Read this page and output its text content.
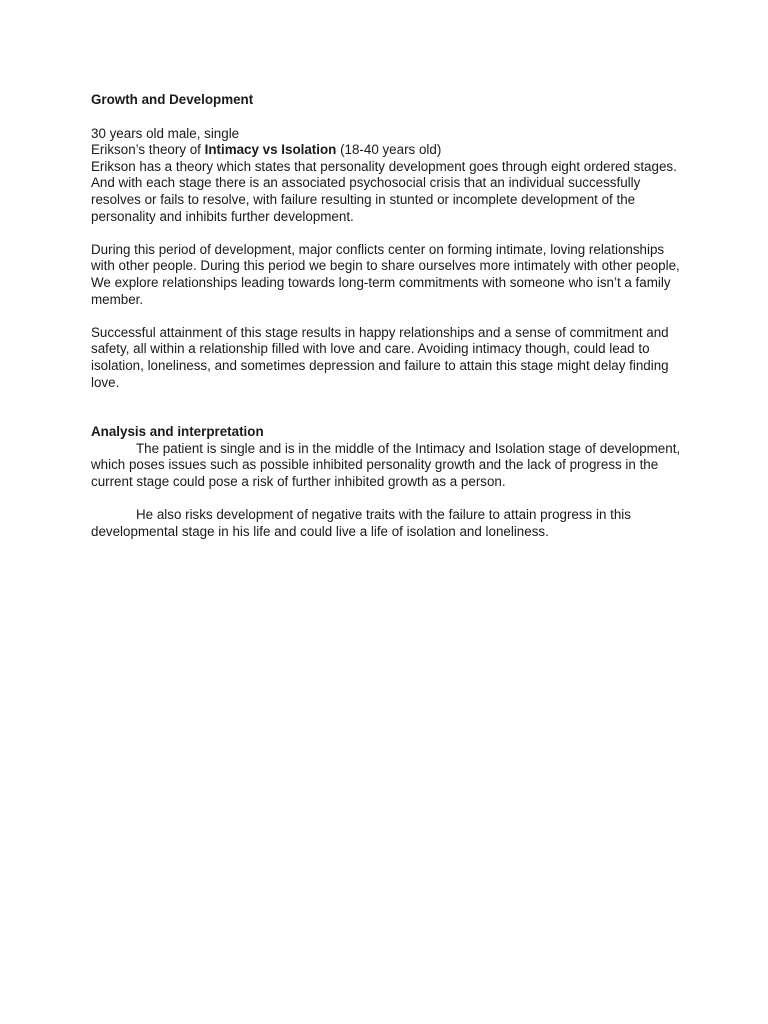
Growth and Development

30 years old male, single

Erikson’s theory of Intimacy vs Isolation (18-40 years old)

Erikson has a theory which states that personality development goes through eight ordered stages. And with each stage there is an associated psychosocial crisis that an individual successfully resolves or fails to resolve, with failure resulting in stunted or incomplete development of the personality and inhibits further development.

During this period of development, major conflicts center on forming intimate, loving relationships with other people. During this period we begin to share ourselves more intimately with other people, We explore relationships leading towards long-term commitments with someone who isn’t a family member.

Successful attainment of this stage results in happy relationships and a sense of commitment and safety, all within a relationship filled with love and care. Avoiding intimacy though, could lead to isolation, loneliness, and sometimes depression and failure to attain this stage might delay finding love.

Analysis and interpretation

The patient is single and is in the middle of the Intimacy and Isolation stage of development, which poses issues such as possible inhibited personality growth and the lack of progress in the current stage could pose a risk of further inhibited growth as a person.

He also risks development of negative traits with the failure to attain progress in this developmental stage in his life and could live a life of isolation and loneliness.
